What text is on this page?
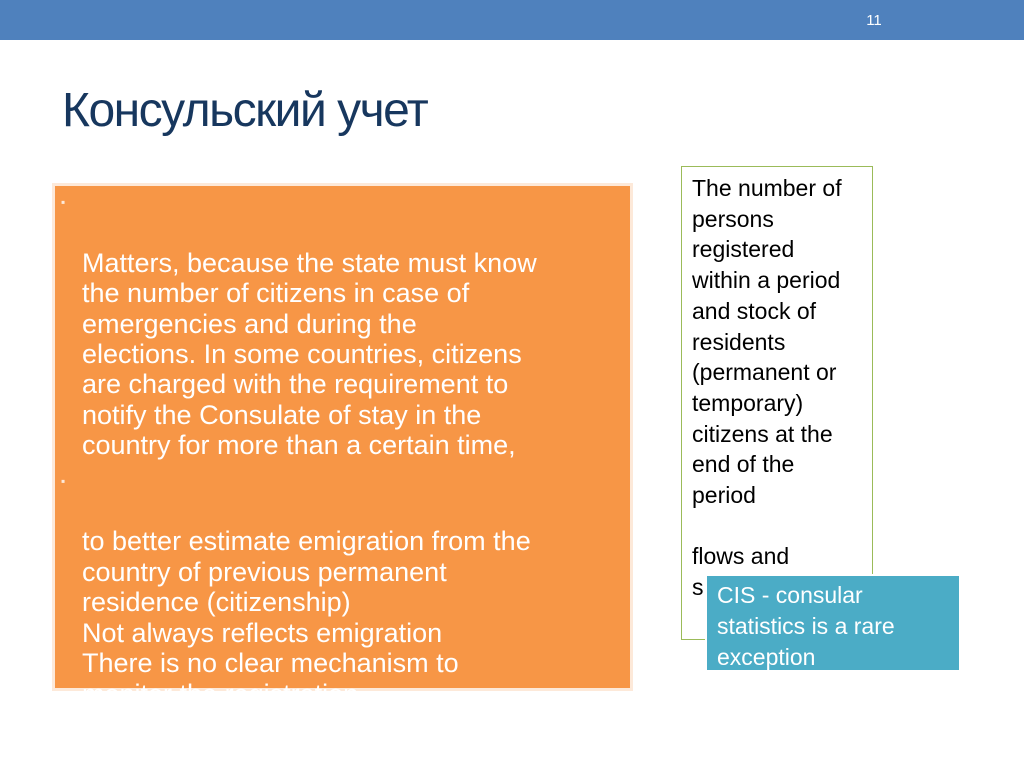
11
Консульский учет

▪

Matters, because the state must know
the number of citizens in case of
emergencies and during the
elections. In some countries, citizens
are charged with the requirement to
notify the Consulate of stay in the
country for more than a certain time,

▪

to better estimate emigration from the
country of previous permanent
residence (citizenship)
Not always reflects emigration
There is no clear mechanism to
monitor the registration
In many countries – voluntary
registration

The number of
persons
registered
within a period
and stock of
residents
(permanent or
temporary)
citizens at the
end of the
period

flows and
s CIS - consular
statistics is a rare
exception
